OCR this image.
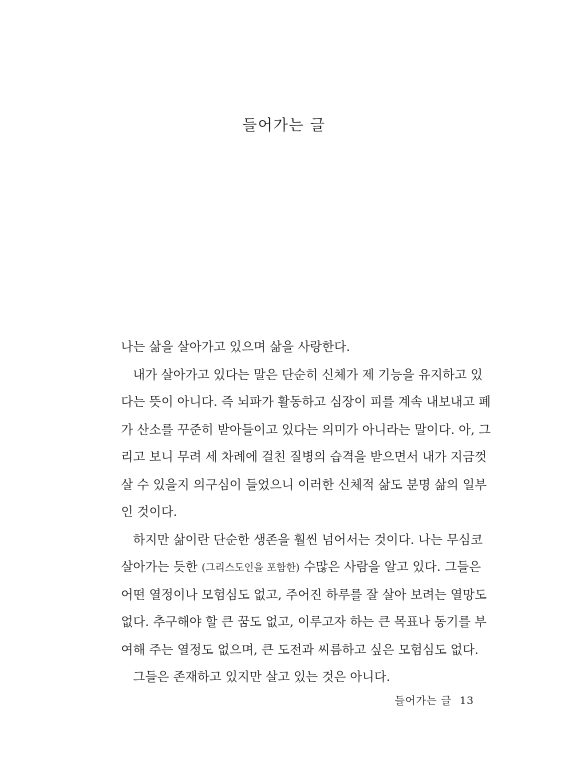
들어가는 글
나는 삶을 살아가고 있으며 삶을 사랑한다.
내가 살아가고 있다는 말은 단순히 신체가 제 기능을 유지하고 있
다는 뜻이 아니다. 즉 뇌파가 활동하고 심장이 피를 계속 내보내고 폐
가 산소를 꾸준히 받아들이고 있다는 의미가 아니라는 말이다. 아, 그
리고 보니 무려 세 차례에 걸친 질병의 습격을 받으면서 내가 지금껏
살 수 있을지 의구심이 들었으니 이러한 신체적 삶도 분명 삶의 일부
인 것이다.
하지만 삶이란 단순한 생존을 훨씬 넘어서는 것이다. 나는 무심코
살아가는 듯한 (그리스도인을 포함한) 수많은 사람을 알고 있다. 그들은
어떤 열정이나 모험심도 없고, 주어진 하루를 잘 살아 보려는 열망도
없다. 추구해야 할 큰 꿈도 없고, 이루고자 하는 큰 목표나 동기를 부
여해 주는 열정도 없으며, 큰 도전과 씨름하고 싶은 모험심도 없다.
그들은 존재하고 있지만 살고 있는 것은 아니다.
들어가는 글 13
